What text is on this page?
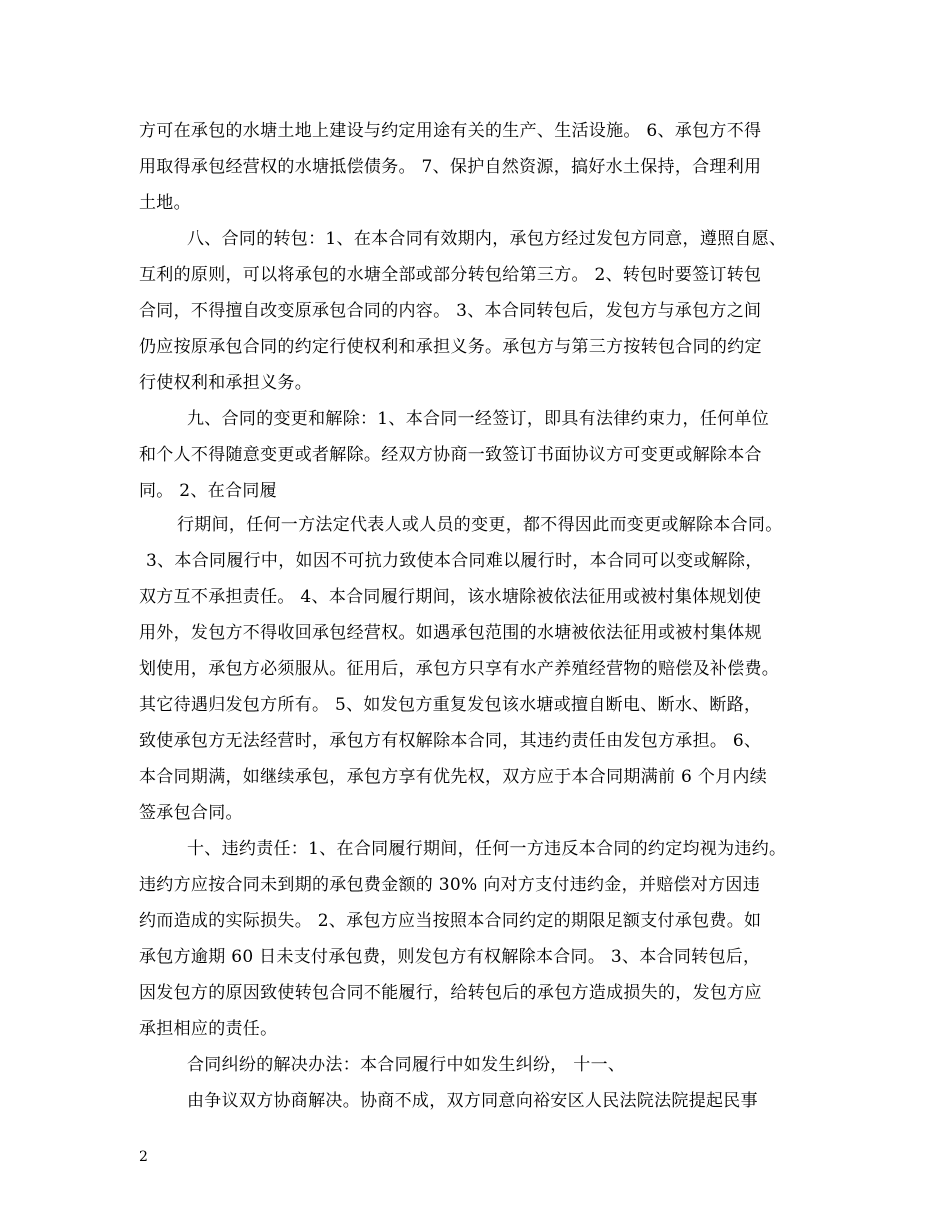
方可在承包的水塘土地上建设与约定用途有关的生产、生活设施。 6、承包方不得
用取得承包经营权的水塘抵偿债务。 7、保护自然资源，搞好水土保持，合理利用
土地。
八、合同的转包：1、在本合同有效期内，承包方经过发包方同意，遵照自愿、
互利的原则，可以将承包的水塘全部或部分转包给第三方。 2、转包时要签订转包
合同，不得擅自改变原承包合同的内容。 3、本合同转包后，发包方与承包方之间
仍应按原承包合同的约定行使权利和承担义务。承包方与第三方按转包合同的约定
行使权利和承担义务。
九、合同的变更和解除：1、本合同一经签订，即具有法律约束力，任何单位
和个人不得随意变更或者解除。经双方协商一致签订书面协议方可变更或解除本合
同。 2、在合同履
行期间，任何一方法定代表人或人员的变更，都不得因此而变更或解除本合同。
3、本合同履行中，如因不可抗力致使本合同难以履行时，本合同可以变或解除，
双方互不承担责任。 4、本合同履行期间，该水塘除被依法征用或被村集体规划使
用外，发包方不得收回承包经营权。如遇承包范围的水塘被依法征用或被村集体规
划使用，承包方必须服从。征用后，承包方只享有水产养殖经营物的赔偿及补偿费。
其它待遇归发包方所有。 5、如发包方重复发包该水塘或擅自断电、断水、断路，
致使承包方无法经营时，承包方有权解除本合同，其违约责任由发包方承担。 6、
本合同期满，如继续承包，承包方享有优先权，双方应于本合同期满前 6 个月内续
签承包合同。
十、违约责任：1、在合同履行期间，任何一方违反本合同的约定均视为违约。
违约方应按合同未到期的承包费金额的 30% 向对方支付违约金，并赔偿对方因违
约而造成的实际损失。 2、承包方应当按照本合同约定的期限足额支付承包费。如
承包方逾期 60 日未支付承包费，则发包方有权解除本合同。 3、本合同转包后，
因发包方的原因致使转包合同不能履行，给转包后的承包方造成损失的，发包方应
承担相应的责任。
合同纠纷的解决办法：本合同履行中如发生纠纷， 十一、
由争议双方协商解决。协商不成，双方同意向裕安区人民法院法院提起民事
2
